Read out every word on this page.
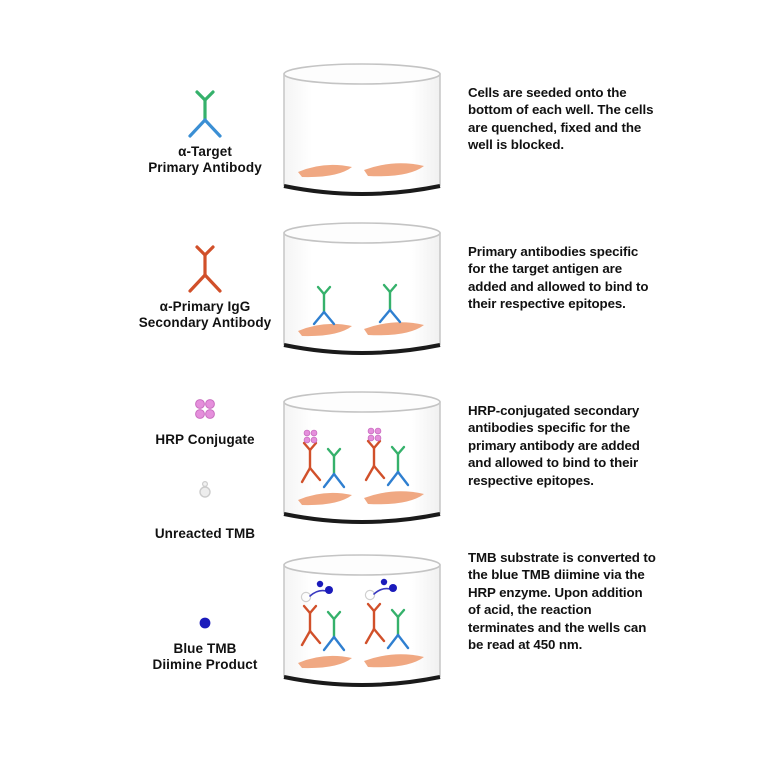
α-Target
Primary Antibody
Cells are seeded onto the bottom of each well. The cells are quenched, fixed and the well is blocked.
α-Primary IgG
Secondary Antibody
Primary antibodies specific for the target antigen are added and allowed to bind to their respective epitopes.
HRP Conjugate
Unreacted TMB
HRP-conjugated secondary antibodies specific for the primary antibody are added and allowed to bind to their respective epitopes.
Blue TMB
Diimine Product
TMB substrate is converted to the blue TMB diimine via the HRP enzyme. Upon addition of acid, the reaction terminates and the wells can be read at 450 nm.
